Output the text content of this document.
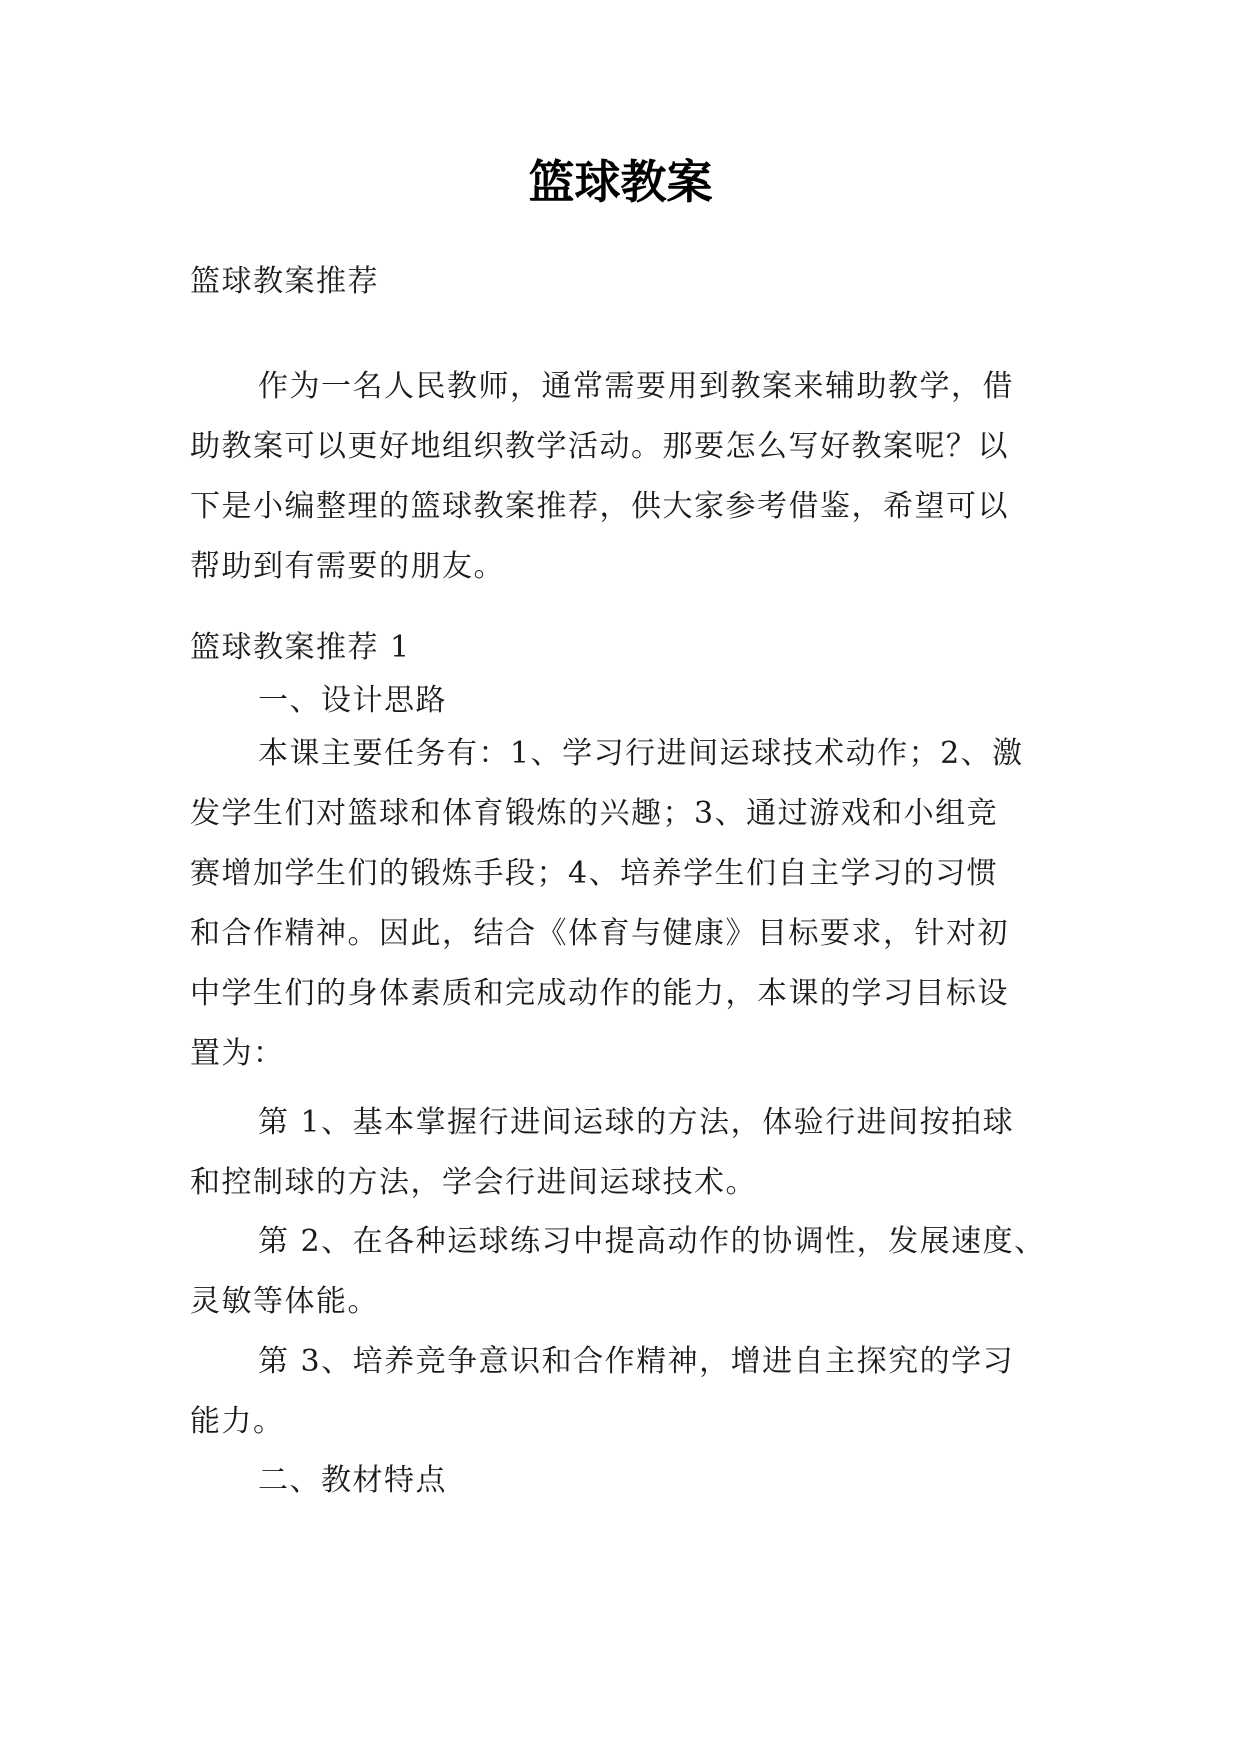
篮球教案

篮球教案推荐

作为一名人民教师，通常需要用到教案来辅助教学，借
助教案可以更好地组织教学活动。那要怎么写好教案呢？以
下是小编整理的篮球教案推荐，供大家参考借鉴，希望可以
帮助到有需要的朋友。

篮球教案推荐 1

一、设计思路

本课主要任务有：1、学习行进间运球技术动作；2、激
发学生们对篮球和体育锻炼的兴趣；3、通过游戏和小组竞
赛增加学生们的锻炼手段；4、培养学生们自主学习的习惯
和合作精神。因此，结合《体育与健康》目标要求，针对初
中学生们的身体素质和完成动作的能力，本课的学习目标设
置为：

第 1、基本掌握行进间运球的方法，体验行进间按拍球
和控制球的方法，学会行进间运球技术。

第 2、在各种运球练习中提高动作的协调性，发展速度、
灵敏等体能。

第 3、培养竞争意识和合作精神，增进自主探究的学习
能力。

二、教材特点
